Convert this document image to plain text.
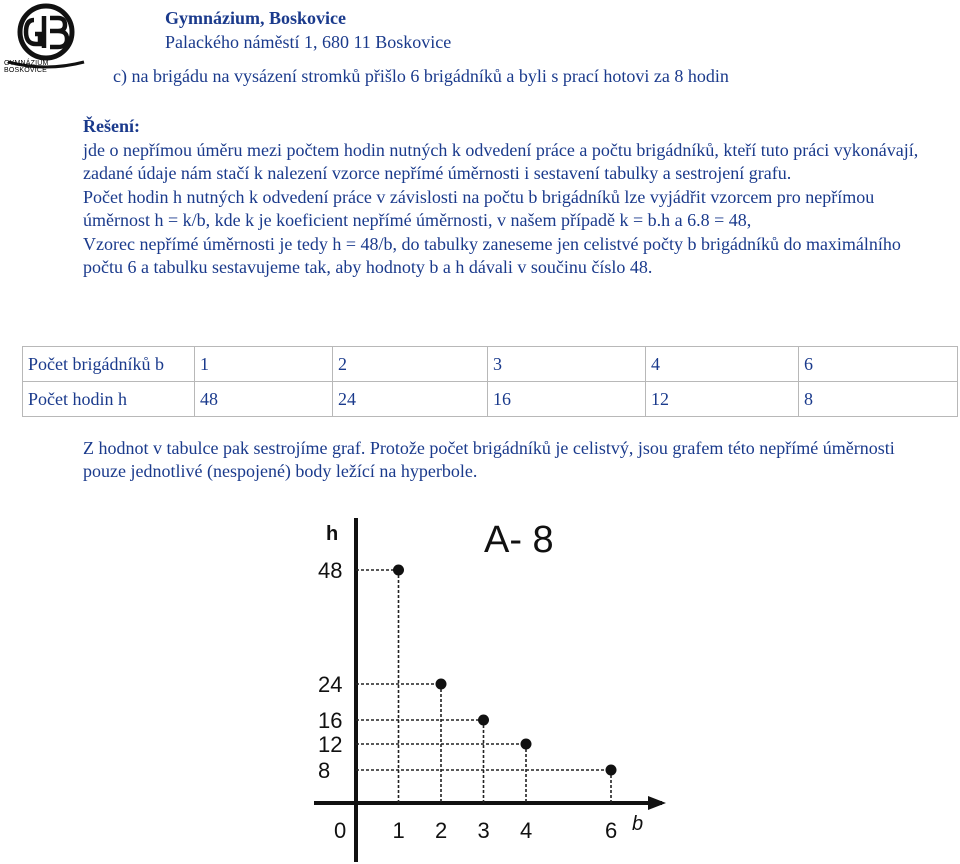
GYMNÁZIUM BOSKOVICE
Gymnázium, Boskovice
Palackého náměstí 1, 680 11 Boskovice
c) na brigádu na vysázení stromků přišlo 6 brigádníků a byli s prací hotovi za 8 hodin

Řešení:

jde o nepřímou úměru mezi počtem hodin nutných k odvedení práce a počtu brigádníků, kteří tuto práci vykonávají, zadané údaje nám stačí k nalezení vzorce nepřímé úměrnosti i sestavení tabulky a sestrojení grafu.

Počet hodin h nutných k odvedení práce v závislosti na počtu b brigádníků lze vyjádřit vzorcem pro nepřímou úměrnost h = k/b, kde k je koeficient nepřímé úměrnosti, v našem případě k = b.h a 6.8 = 48,

Vzorec nepřímé úměrnosti je tedy h = 48/b, do tabulky zaneseme jen celistvé počty b brigádníků do maximálního počtu 6 a tabulku sestavujeme tak, aby hodnoty b a h dávali v součinu číslo 48.

Počet brigádníků b	1	2	3	4	6
Počet hodin h	48	24	16	12	8
Z hodnot v tabulce pak sestrojíme graf. Protože počet brigádníků je celistvý, jsou grafem této nepřímé úměrnosti pouze jednotlivé (nespojené) body ležící na hyperbole.
h
b
A- 8
0
48
24
16
12
8
1 2 3 4	6
